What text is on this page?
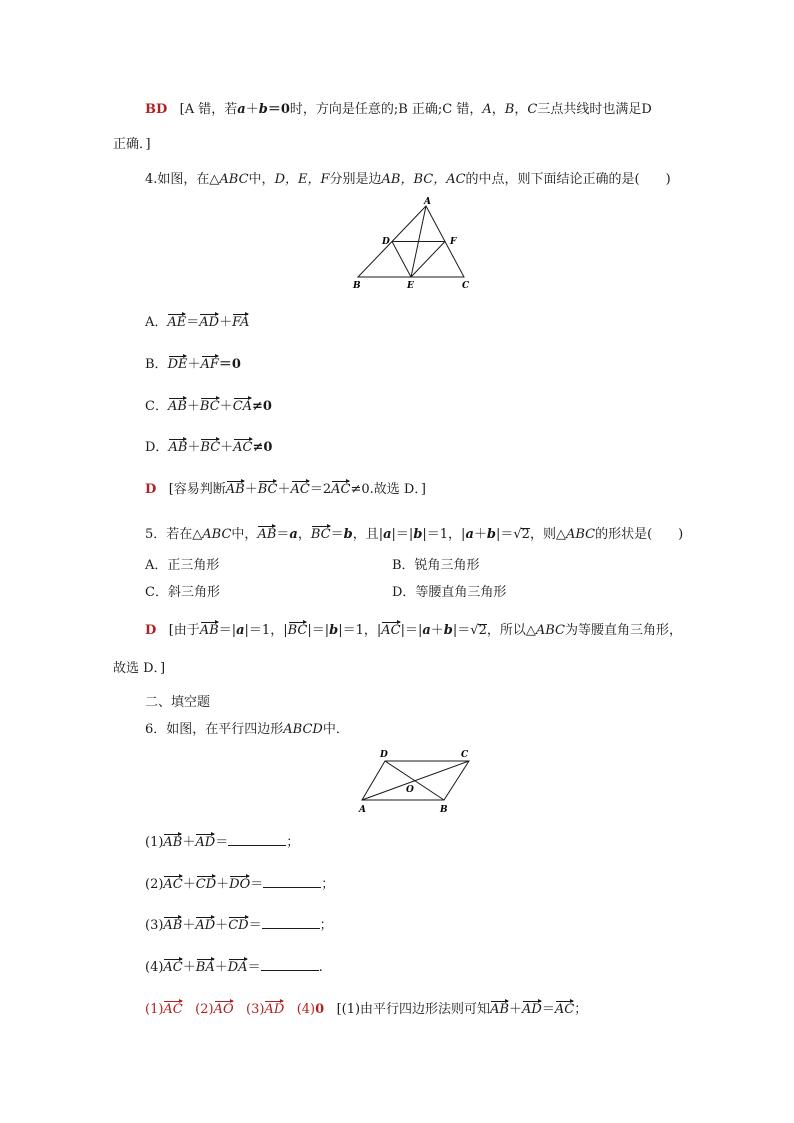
BD [A 错，若a＋b＝0时，方向是任意的;B 正确;C 错，A，B，C三点共线时也满足D
正确．]
4.如图，在△ABC中，D，E，F分别是边AB，BC，AC的中点，则下面结论正确的是(　　)
A
B	C
D
E
F
A．AE＝AD＋FA
B．DE＋AF＝0
C．AB＋BC＋CA≠0
D．AB＋BC＋AC≠0
D [容易判断AB＋BC＋AC＝2AC≠0.故选 D．]
5．若在△ABC中，AB＝a，BC＝b，且|a|＝|b|＝1，|a＋b|＝√2，则△ABC的形状是(　　)
A．正三角形	B．锐角三角形
C．斜三角形	D．等腰直角三角形
D [由于AB＝|a|＝1，|BC|＝|b|＝1，|AC|＝|a＋b|＝√2，所以△ABC为等腰直角三角形，
故选 D．]
二、填空题
6．如图，在平行四边形ABCD中．
A	B
C
D
O
(1)AB＋AD＝	；
(2)AC＋CD＋DO＝	；
(3)AB＋AD＋CD＝	；
(4)AC＋BA＋DA＝	.
(1)AC (2)AO (3)AD (4)0 [(1)由平行四边形法则可知AB＋AD＝AC；
